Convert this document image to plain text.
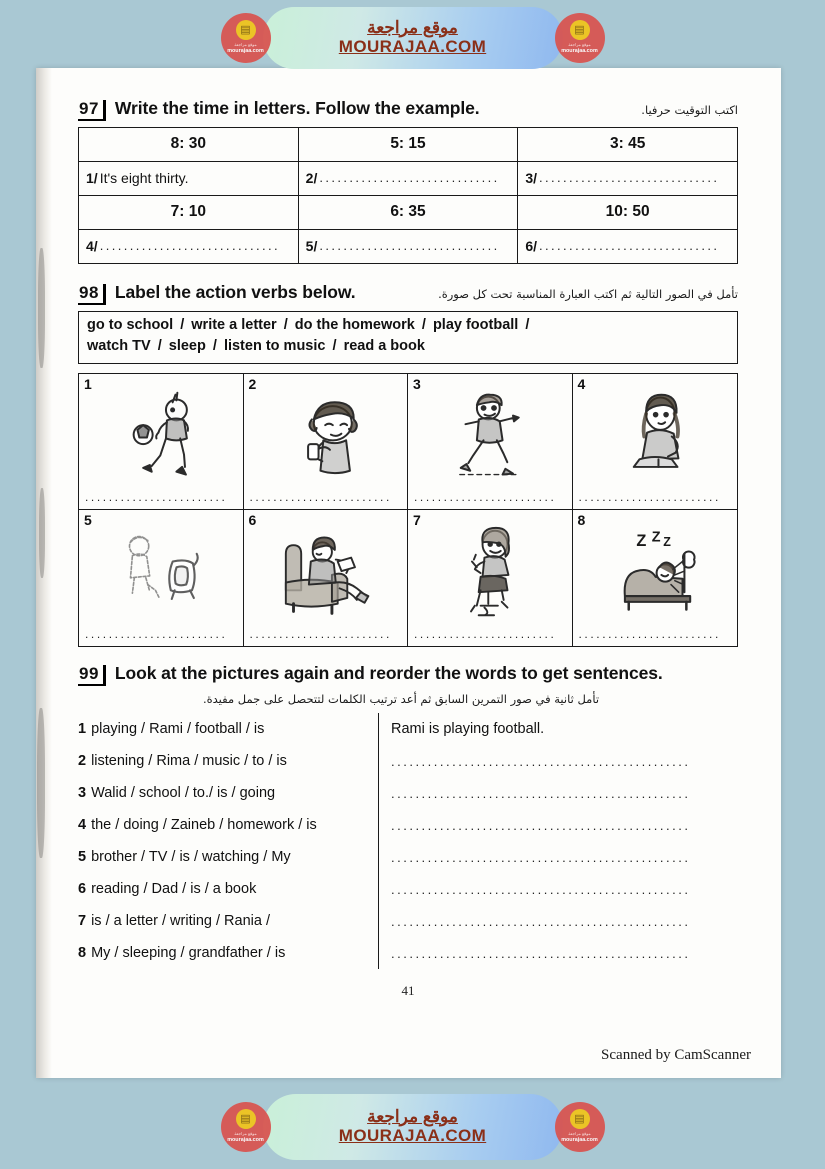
▤
موقع مراجعة
mourajaa.com
موقع مراجعة
MOURAJAA.COM
▤
موقع مراجعة
mourajaa.com
97 Write the time in letters. Follow the example.	اكتب التوقيت حرفيا.
8: 30	5: 15	3: 45

1/ It's eight thirty.	2/ ..............................	3/ ..............................

7: 10	6: 35	10: 50

4/ ..............................	5/ ..............................	6/ ..............................
98 Label the action verbs below.	تأمل في الصور التالية ثم اكتب العبارة المناسبة تحت كل صورة.
go to school / write a letter / do the homework / play football /
watch TV / sleep / listen to music / read a book
1
........................
2
........................
3
........................
4
........................
5
........................
6
........................
7
........................
8
Z Z Z
........................
99 Look at the pictures again and reorder the words to get sentences.
تأمل ثانية في صور التمرين السابق ثم أعد ترتيب الكلمات لتتحصل على جمل مفيدة.
1 playing / Rami / football / is
2 listening / Rima / music / to / is
3 Walid / school / to./ is / going
4 the / doing / Zaineb / homework / is
5 brother / TV / is / watching / My
6 reading / Dad / is / a book
7 is / a letter / writing / Rania /
8 My / sleeping / grandfather / is
Rami is playing football.
.................................................
.................................................
.................................................
.................................................
.................................................
.................................................
.................................................
41
Scanned by CamScanner
▤
موقع مراجعة
mourajaa.com
موقع مراجعة
MOURAJAA.COM
▤
موقع مراجعة
mourajaa.com
